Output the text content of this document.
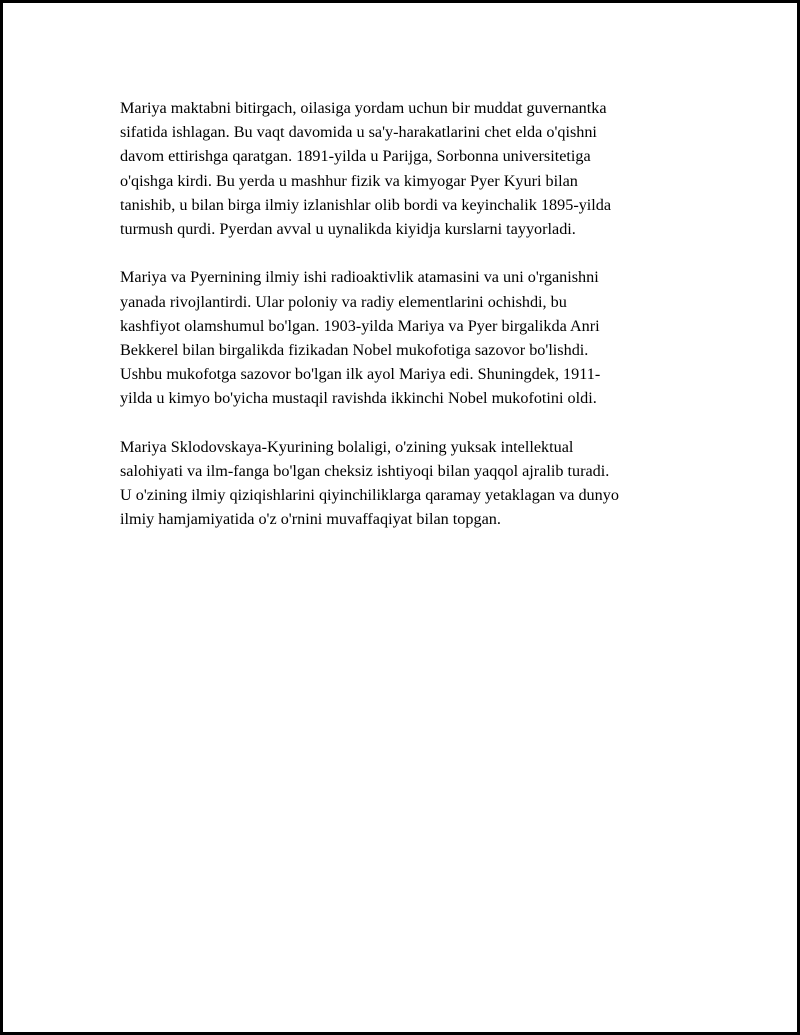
Mariya maktabni bitirgach, oilasiga yordam uchun bir muddat guvernantka
sifatida ishlagan. Bu vaqt davomida u sa'y-harakatlarini chet elda o'qishni
davom ettirishga qaratgan. 1891-yilda u Parijga, Sorbonna universitetiga
o'qishga kirdi. Bu yerda u mashhur fizik va kimyogar Pyer Kyuri bilan
tanishib, u bilan birga ilmiy izlanishlar olib bordi va keyinchalik 1895-yilda
turmush qurdi. Pyerdan avval u uynalikda kiyidja kurslarni tayyorladi.

Mariya va Pyernining ilmiy ishi radioaktivlik atamasini va uni o'rganishni
yanada rivojlantirdi. Ular poloniy va radiy elementlarini ochishdi, bu
kashfiyot olamshumul bo'lgan. 1903-yilda Mariya va Pyer birgalikda Anri
Bekkerel bilan birgalikda fizikadan Nobel mukofotiga sazovor bo'lishdi.
Ushbu mukofotga sazovor bo'lgan ilk ayol Mariya edi. Shuningdek, 1911-
yilda u kimyo bo'yicha mustaqil ravishda ikkinchi Nobel mukofotini oldi.

Mariya Sklodovskaya-Kyurining bolaligi, o'zining yuksak intellektual
salohiyati va ilm-fanga bo'lgan cheksiz ishtiyoqi bilan yaqqol ajralib turadi.
U o'zining ilmiy qiziqishlarini qiyinchiliklarga qaramay yetaklagan va dunyo
ilmiy hamjamiyatida o'z o'rnini muvaffaqiyat bilan topgan.
